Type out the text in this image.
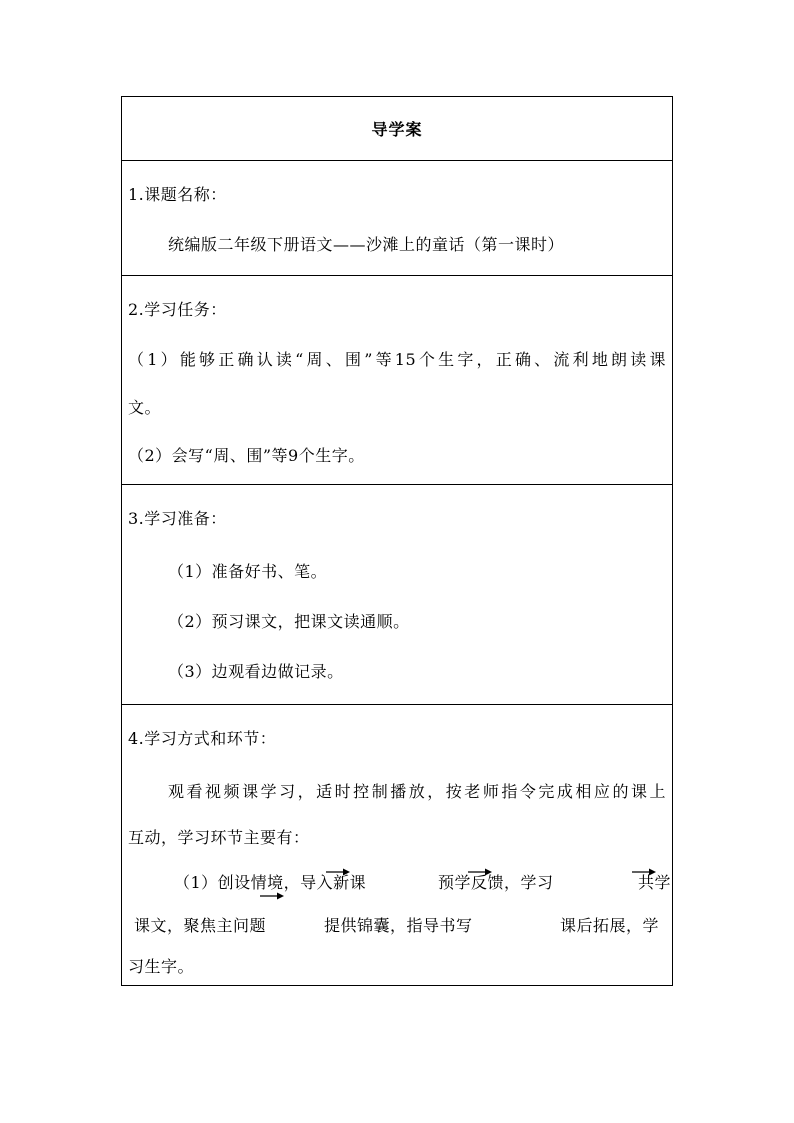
导学案
1.课题名称：
统编版二年级下册语文——沙滩上的童话（第一课时）
2.学习任务：
（1）能够正确认读“周、围”等15个生字，正确、流利地朗读课
文。
（2）会写“周、围”等9个生字。
3.学习准备：
（1）准备好书、笔。
（2）预习课文，把课文读通顺。
（3）边观看边做记录。
4.学习方式和环节：
观看视频课学习，适时控制播放，按老师指令完成相应的课上
互动，学习环节主要有：
（1）创设情境，导入新课	预学反馈，学习	共学
课文，聚焦主问题	提供锦囊，指导书写	课后拓展，学
习生字。
